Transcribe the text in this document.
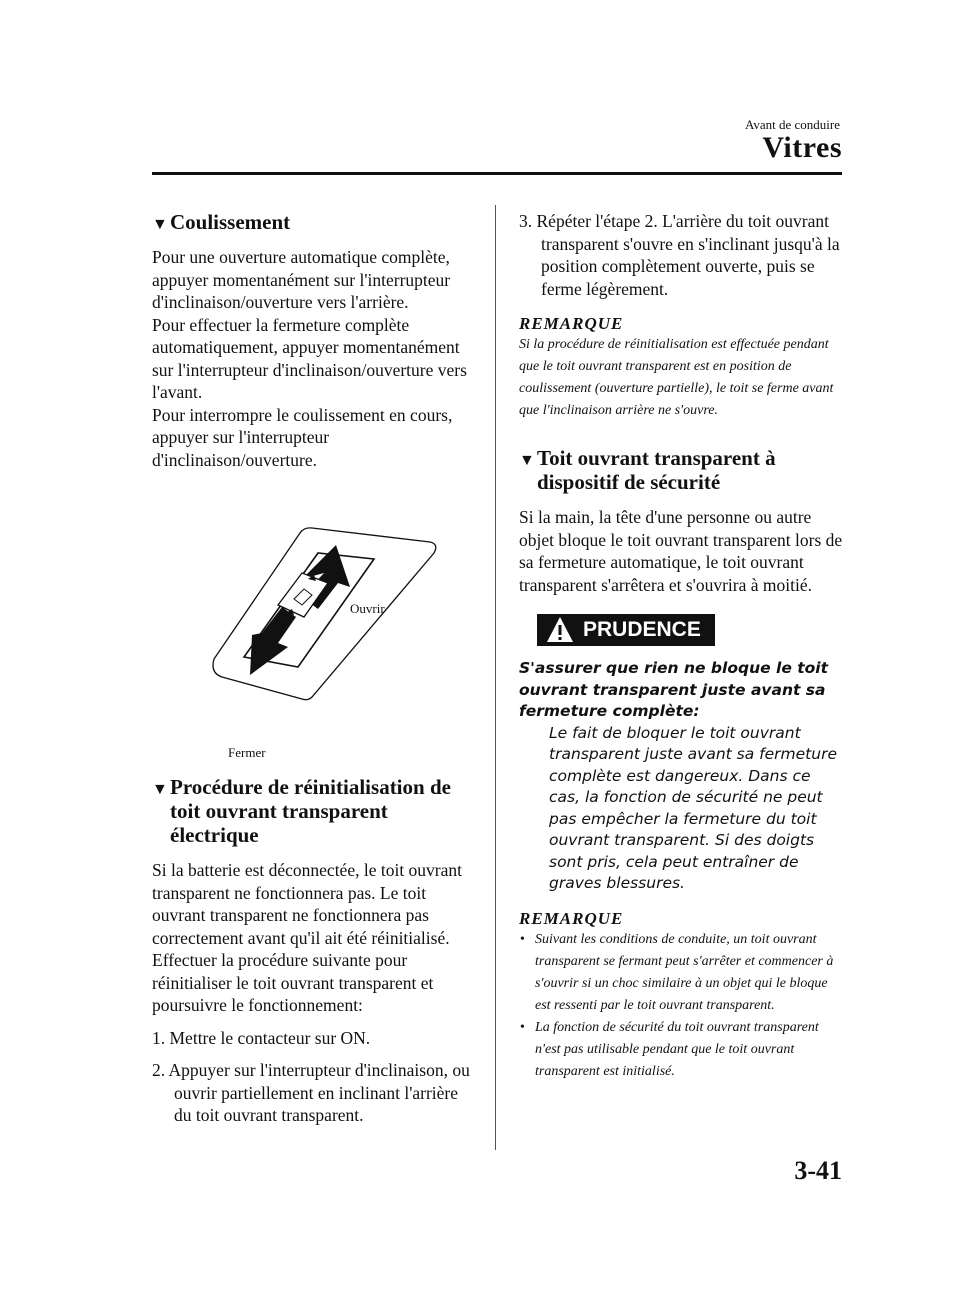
Avant de conduire
Vitres
▼ Coulissement

Pour une ouverture automatique complète, appuyer momentanément sur l'interrupteur d'inclinaison/ouverture vers l'arrière.

Pour effectuer la fermeture complète automatiquement, appuyer momentanément sur l'interrupteur d'inclinaison/ouverture vers l'avant.

Pour interrompre le coulissement en cours, appuyer sur l'interrupteur d'inclinaison/ouverture.

Ouvrir
Fermer
▼ Procédure de réinitialisation de toit ouvrant transparent électrique

Si la batterie est déconnectée, le toit ouvrant transparent ne fonctionnera pas. Le toit ouvrant transparent ne fonctionnera pas correctement avant qu'il ait été réinitialisé. Effectuer la procédure suivante pour réinitialiser le toit ouvrant transparent et poursuivre le fonctionnement:

1. Mettre le contacteur sur ON.
2. Appuyer sur l'interrupteur d'inclinaison, ou ouvrir partiellement en inclinant l'arrière du toit ouvrant transparent.
3. Répéter l'étape 2. L'arrière du toit ouvrant transparent s'ouvre en s'inclinant jusqu'à la position complètement ouverte, puis se ferme légèrement.
REMARQUE
Si la procédure de réinitialisation est effectuée pendant que le toit ouvrant transparent est en position de coulissement (ouverture partielle), le toit se ferme avant que l'inclinaison arrière ne s'ouvre.
▼ Toit ouvrant transparent à dispositif de sécurité

Si la main, la tête d'une personne ou autre objet bloque le toit ouvrant transparent lors de sa fermeture automatique, le toit ouvrant transparent s'arrêtera et s'ouvrira à moitié.

PRUDENCE
S'assurer que rien ne bloque le toit ouvrant transparent juste avant sa fermeture complète:
Le fait de bloquer le toit ouvrant transparent juste avant sa fermeture complète est dangereux. Dans ce cas, la fonction de sécurité ne peut pas empêcher la fermeture du toit ouvrant transparent. Si des doigts sont pris, cela peut entraîner de graves blessures.
REMARQUE
• Suivant les conditions de conduite, un toit ouvrant transparent se fermant peut s'arrêter et commencer à s'ouvrir si un choc similaire à un objet qui le bloque est ressenti par le toit ouvrant transparent.
• La fonction de sécurité du toit ouvrant transparent n'est pas utilisable pendant que le toit ouvrant transparent est initialisé.
3-41
